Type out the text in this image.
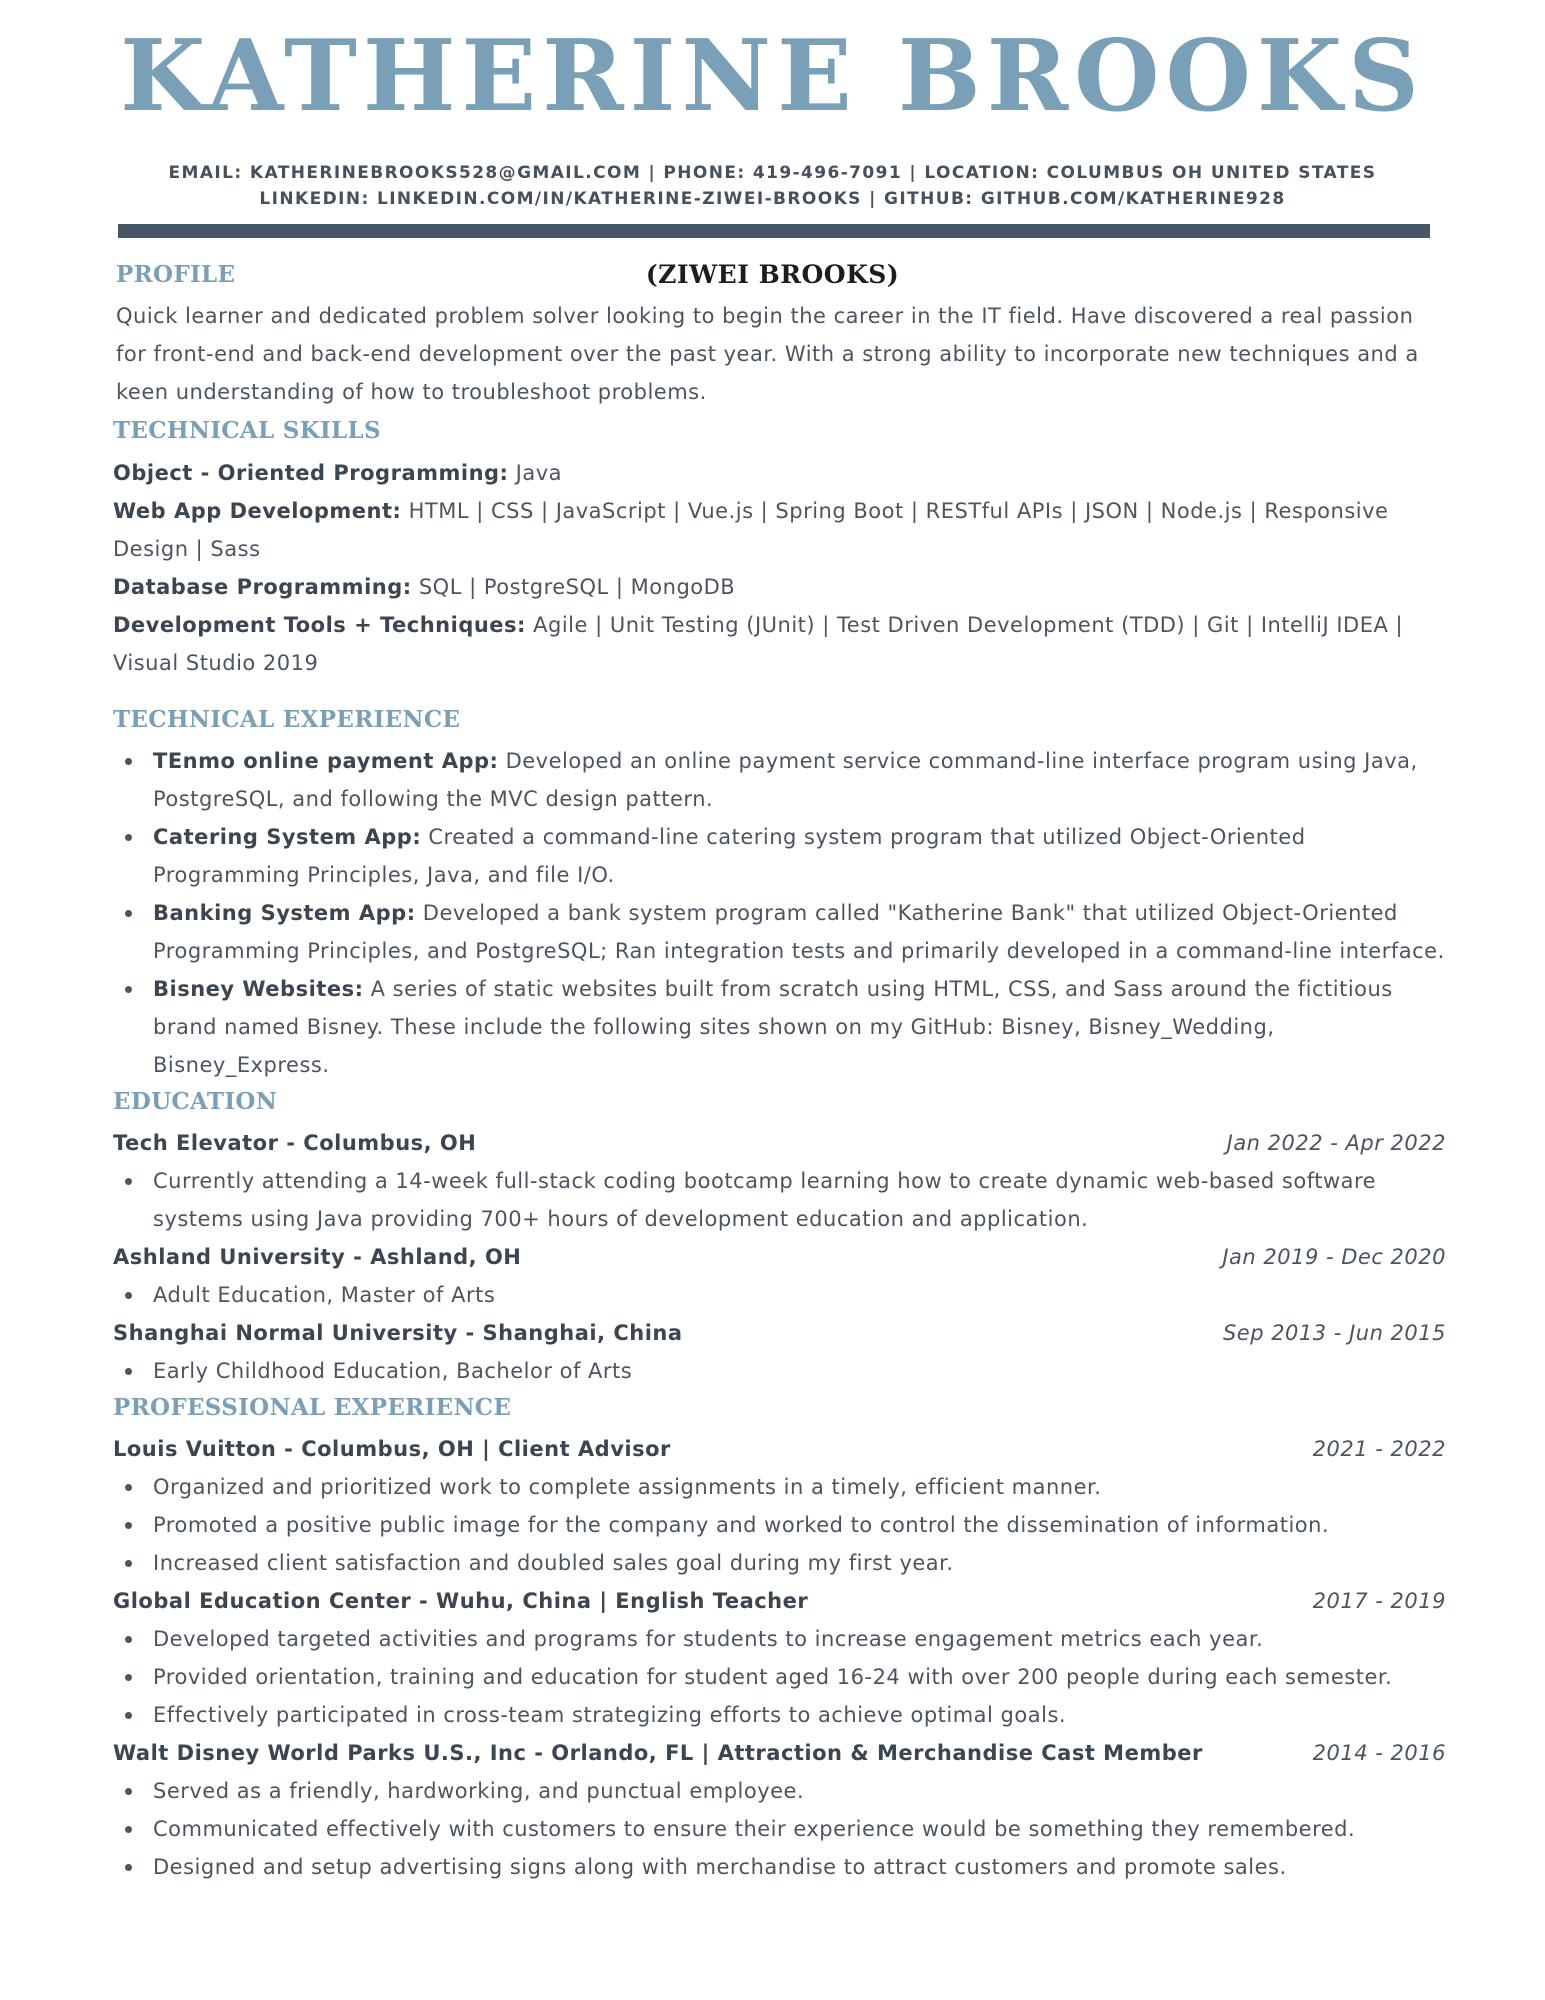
KATHERINE BROOKS
EMAIL: KATHERINEBROOKS528@GMAIL.COM | PHONE: 419-496-7091 | LOCATION: COLUMBUS OH UNITED STATES
LINKEDIN: LINKEDIN.COM/IN/KATHERINE-ZIWEI-BROOKS | GITHUB: GITHUB.COM/KATHERINE928
(ZIWEI BROOKS)
PROFILE

Quick learner and dedicated problem solver looking to begin the career in the IT field. Have discovered a real passion for front-end and back-end development over the past year. With a strong ability to incorporate new techniques and a keen understanding of how to troubleshoot problems.

TECHNICAL SKILLS

Object - Oriented Programming: Java

Web App Development: HTML | CSS | JavaScript | Vue.js | Spring Boot | RESTful APIs | JSON | Node.js | Responsive Design | Sass

Database Programming: SQL | PostgreSQL | MongoDB

Development Tools + Techniques: Agile | Unit Testing (JUnit) | Test Driven Development (TDD) | Git | IntelliJ IDEA | Visual Studio 2019

TECHNICAL EXPERIENCE
TEnmo online payment App: Developed an online payment service command-line interface program using Java, PostgreSQL, and following the MVC design pattern.
Catering System App: Created a command-line catering system program that utilized Object-Oriented Programming Principles, Java, and file I/O.
Banking System App: Developed a bank system program called "Katherine Bank" that utilized Object-Oriented Programming Principles, and PostgreSQL; Ran integration tests and primarily developed in a command-line interface.
Bisney Websites: A series of static websites built from scratch using HTML, CSS, and Sass around the fictitious brand named Bisney. These include the following sites shown on my GitHub: Bisney, Bisney_Wedding, Bisney_Express.
EDUCATION
Tech Elevator - Columbus, OH	Jan 2022 - Apr 2022
Currently attending a 14-week full-stack coding bootcamp learning how to create dynamic web-based software systems using Java providing 700+ hours of development education and application.
Ashland University - Ashland, OH	Jan 2019 - Dec 2020
Adult Education, Master of Arts
Shanghai Normal University - Shanghai, China	Sep 2013 - Jun 2015
Early Childhood Education, Bachelor of Arts
PROFESSIONAL EXPERIENCE
Louis Vuitton - Columbus, OH | Client Advisor	2021 - 2022
Organized and prioritized work to complete assignments in a timely, efficient manner.
Promoted a positive public image for the company and worked to control the dissemination of information.
Increased client satisfaction and doubled sales goal during my first year.
Global Education Center - Wuhu, China | English Teacher	2017 - 2019
Developed targeted activities and programs for students to increase engagement metrics each year.
Provided orientation, training and education for student aged 16-24 with over 200 people during each semester.
Effectively participated in cross-team strategizing efforts to achieve optimal goals.
Walt Disney World Parks U.S., Inc - Orlando, FL | Attraction & Merchandise Cast Member	2014 - 2016
Served as a friendly, hardworking, and punctual employee.
Communicated effectively with customers to ensure their experience would be something they remembered.
Designed and setup advertising signs along with merchandise to attract customers and promote sales.
